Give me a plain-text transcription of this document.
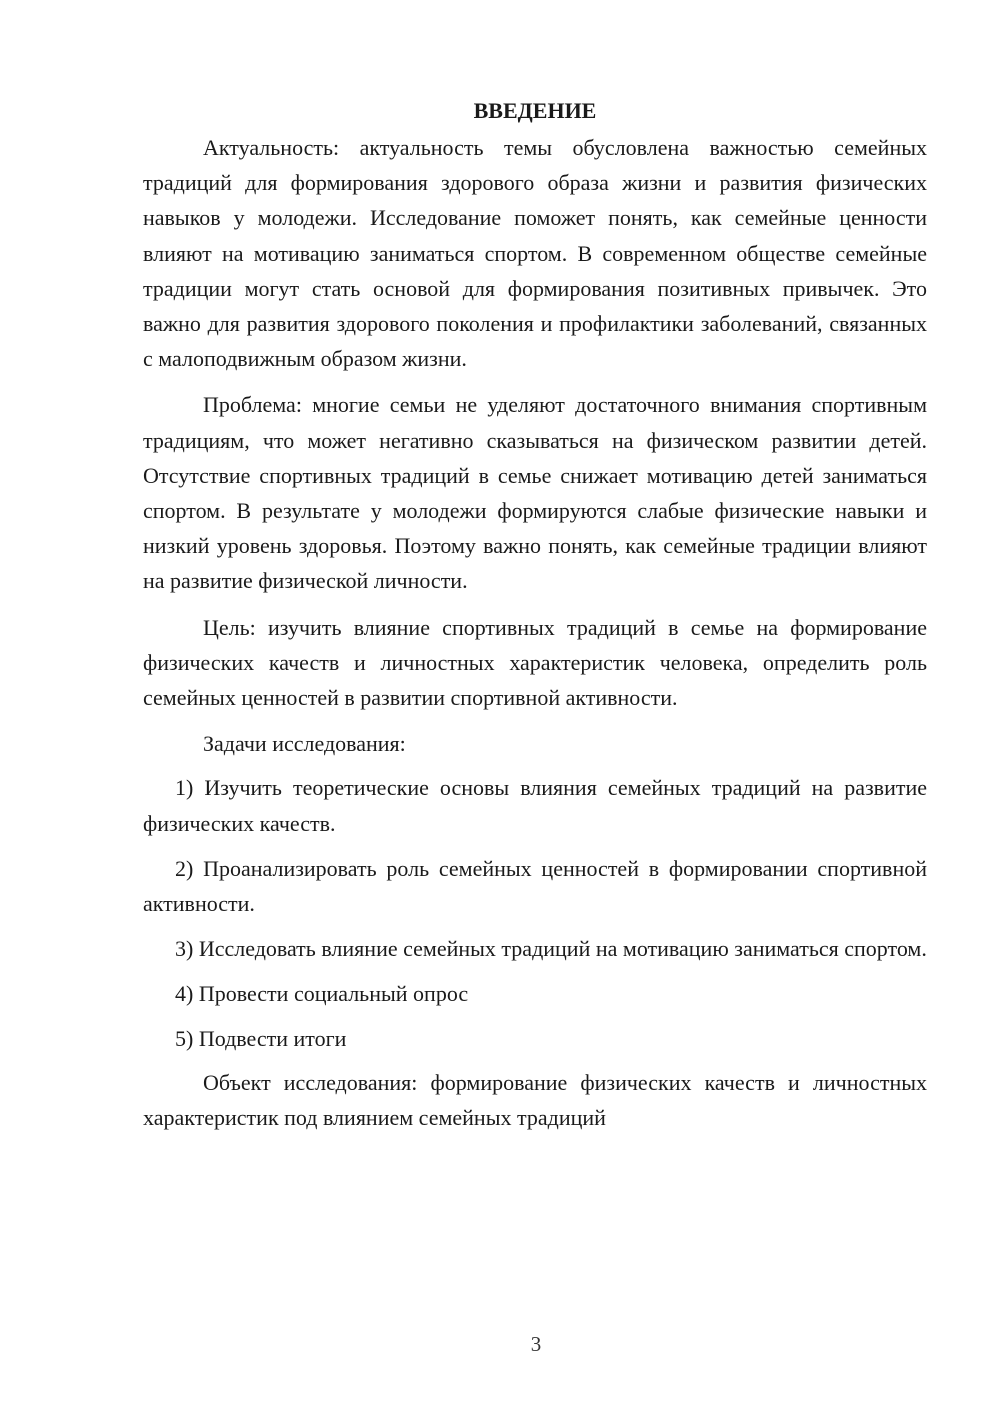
ВВЕДЕНИЕ

Актуальность: актуальность темы обусловлена важностью семейных традиций для формирования здорового образа жизни и развития физических навыков у молодежи. Исследование поможет понять, как семейные ценности влияют на мотивацию заниматься спортом. В современном обществе семейные традиции могут стать основой для формирования позитивных привычек. Это важно для развития здорового поколения и профилактики заболеваний, связанных с малоподвижным образом жизни.

Проблема: многие семьи не уделяют достаточного внимания спортивным традициям, что может негативно сказываться на физическом развитии детей. Отсутствие спортивных традиций в семье снижает мотивацию детей заниматься спортом. В результате у молодежи формируются слабые физические навыки и низкий уровень здоровья. Поэтому важно понять, как семейные традиции влияют на развитие физической личности.

Цель: изучить влияние спортивных традиций в семье на формирование физических качеств и личностных характеристик человека, определить роль семейных ценностей в развитии спортивной активности.

Задачи исследования:

1) Изучить теоретические основы влияния семейных традиций на развитие физических качеств.

2) Проанализировать роль семейных ценностей в формировании спортивной активности.

3) Исследовать влияние семейных традиций на мотивацию заниматься спортом.

4) Провести социальный опрос

5) Подвести итоги

Объект исследования: формирование физических качеств и личностных характеристик под влиянием семейных традиций

3
